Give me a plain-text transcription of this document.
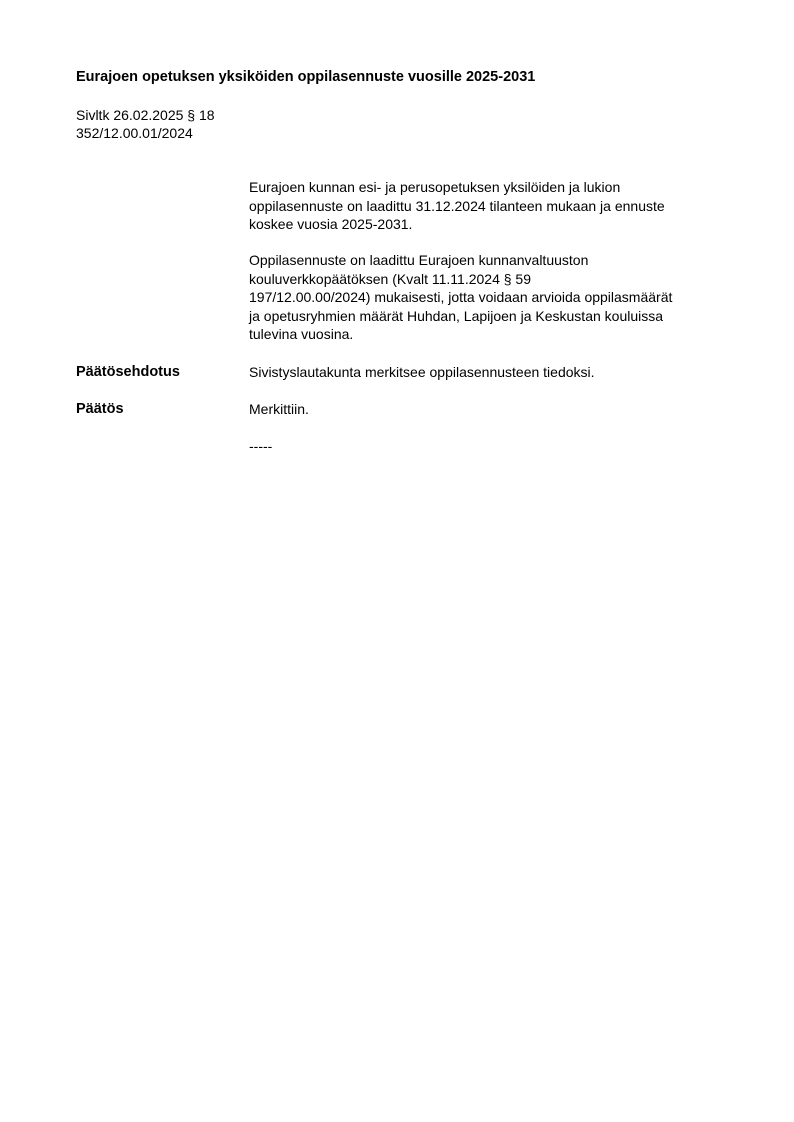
Eurajoen opetuksen yksiköiden oppilasennuste vuosille 2025-2031
Sivltk 26.02.2025 § 18
352/12.00.01/2024
Eurajoen kunnan esi- ja perusopetuksen yksilöiden ja lukion
oppilasennuste on laadittu 31.12.2024 tilanteen mukaan ja ennuste
koskee vuosia 2025-2031.
Oppilasennuste on laadittu Eurajoen kunnanvaltuuston
kouluverkkopäätöksen (Kvalt 11.11.2024 § 59
197/12.00.00/2024) mukaisesti, jotta voidaan arvioida oppilasmäärät
ja opetusryhmien määrät Huhdan, Lapijoen ja Keskustan kouluissa
tulevina vuosina.
Päätösehdotus	Sivistyslautakunta merkitsee oppilasennusteen tiedoksi.
Päätös	Merkittiin.
-----
